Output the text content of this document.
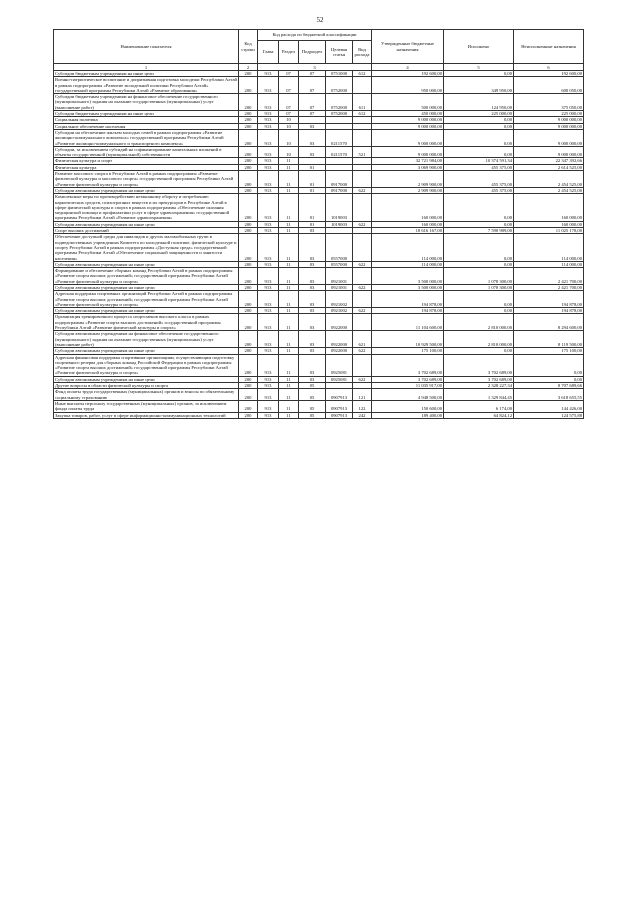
52
Наименование показателя	Код строки	Код расхода по бюджетной классификации					Утвержденные бюджетные назначения	Исполнено	Неисполненные назначения
		Глава	Раздел	Подраздел	Целевая статья	Вид расхода			
1	2	3					4	5	6
Субсидии бюджетным учреждениям на иные цели	200	913	07	07	0751000	612	192 600,00	0,00	192 600,00
Военно-патриотическое воспитание и допризывная подготовка молодежи Республики Алтай в рамках подпрограммы «Развитие молодежной политики Республики Алтай» государственной программы Республики Алтай «Развитие образования»	200	913	07	07	0752000		950 000,00	349 950,00	600 050,00
Субсидии бюджетным учреждениям на финансовое обеспечение государственного (муниципального) задания на оказание государственных (муниципальных) услуг (выполнение работ)	200	913	07	07	0752000	611	500 000,00	124 950,00	375 050,00
Субсидии бюджетным учреждениям на иные цели	200	913	07	07	0752000	612	450 000,00	225 000,00	225 000,00
Социальная политика	200	913	10				9 000 000,00	0,00	9 000 000,00
Социальное обеспечение населения	200	913	10	03			9 000 000,00	0,00	9 000 000,00
Субсидии на обеспечение жильем молодых семей в рамках подпрограммы «Развитие жилищно-коммунального комплекса» государственной программы Республики Алтай «Развитие жилищно-коммунального и транспортного комплекса»	200	913	10	03	0211570		9 000 000,00	0,00	9 000 000,00
Субсидии, за исключением субсидий на софинансирование капитальных вложений в объекты государственной (муниципальной) собственности	200	913	10	03	0211570	521	9 000 000,00	0,00	9 000 000,00
Физическая культура и спорт	200	913	11				32 721 984,00	10 374 591,34	22 347 392,66
Физическая культура	200	913	11	01			3 069 900,00	455 375,00	2 614 525,00
Развитие массового спорта в Республике Алтай в рамках подпрограммы «Развитие физической культуры и массового спорта» государственной программы Республики Алтай «Развитие физической культуры и спорта»	200	913	11	01	0917000		2 909 900,00	455 375,00	2 454 525,00
Субсидии автономным учреждениям на иные цели	200	913	11	01	0917000	622	2 909 900,00	455 375,00	2 454 525,00
Комплексные меры по противодействию незаконному обороту и потреблению наркотических средств, психотропных веществ и их прекурсоров в Республике Алтай в сфере физической культуры и спорта в рамках подпрограммы «Обеспечение оказания медицинской помощи и профилактики услуг в сфере здравоохранения» государственной программы Республики Алтай «Развитие здравоохранения»	200	913	11	01	1019003		160 000,00	0,00	160 000,00
Субсидии автономным учреждениям на иные цели	200	913	11	01	1019003	622	160 000,00	0,00	160 000,00
Спорт высших достижений	200	913	11	03			18 616 167,00	7 590 989,00	11 025 178,00
Обеспечение доступной среды для инвалидов и других маломобильных групп в подведомственных учреждениях Комитета по молодежной политике, физической культуре и спорту Республики Алтай в рамках подпрограммы «Доступная среда» государственной программы Республики Алтай «Обеспечение социальной защищенности и занятости населения»	200	913	11	03	0557000		114 000,00	0,00	114 000,00
Субсидии автономным учреждениям на иные цели	200	913	11	03	0557000	622	114 000,00	0,00	114 000,00
Формирование и обеспечение сборных команд Республики Алтай в рамках подпрограммы «Развитие спорта высших достижений» государственной программы Республики Алтай «Развитие физической культуры и спорта»	200	913	11	03	0921001		3 500 000,00	1 078 300,00	2 421 700,00
Субсидии автономным учреждениям на иные цели	200	913	11	03	0921001	622	3 500 000,00	1 078 300,00	2 421 700,00
Адресная поддержка спортивных организаций Республики Алтай в рамках подпрограммы «Развитие спорта высших достижений» государственной программы Республики Алтай «Развитие физической культуры и спорта»	200	913	11	03	0921002		194 878,00	0,00	194 878,00
Субсидии автономным учреждениям на иные цели	200	913	11	03	0921002	622	194 878,00	0,00	194 878,00
Организация тренировочного процесса спортсменов высокого класса в рамках подпрограммы «Развитие спорта высших достижений» государственной программы Республики Алтай «Развитие физической культуры и спорта»	200	913	11	03	0922000		11 104 600,00	2 810 000,00	8 294 600,00
Субсидии автономным учреждениям на финансовое обеспечение государственного (муниципального) задания на оказание государственных (муниципальных) услуг (выполнение работ)	200	913	11	03	0922000	621	10 929 500,00	2 810 000,00	8 119 500,00
Субсидии автономным учреждениям на иные цели	200	913	11	03	0922000	622	175 100,00	0,00	175 100,00
Адресная финансовая поддержка спортивным организациям, осуществляющим подготовку спортивного резерва для сборных команд Российской Федерации в рамках подпрограммы «Развитие спорта высших достижений» государственной программы Республики Алтай «Развитие физической культуры и спорта»	200	913	11	03	0925081		3 702 689,00	3 702 689,00	0,00
Субсидии автономным учреждениям на иные цели	200	913	11	03	0925081	622	3 702 689,00	3 702 689,00	0,00
Другие вопросы в области физической культуры и спорта	200	913	11	05			11 035 917,00	2 328 227,34	8 707 689,66
Фонд оплаты труда государственных (муниципальных) органов и взносы по обязательному социальному страхованию	200	913	11	05	0907913	121	4 948 500,00	1 329 844,45	3 618 655,55
Иные выплаты персоналу государственных (муниципальных) органов, за исключением фонда оплаты труда	200	913	11	05	0907913	122	150 600,00	6 174,00	144 426,00
Закупка товаров, работ, услуг в сфере информационно-коммуникационных технологий	200	913	11	05	0907913	242	189 400,00	64 824,12	124 575,88
